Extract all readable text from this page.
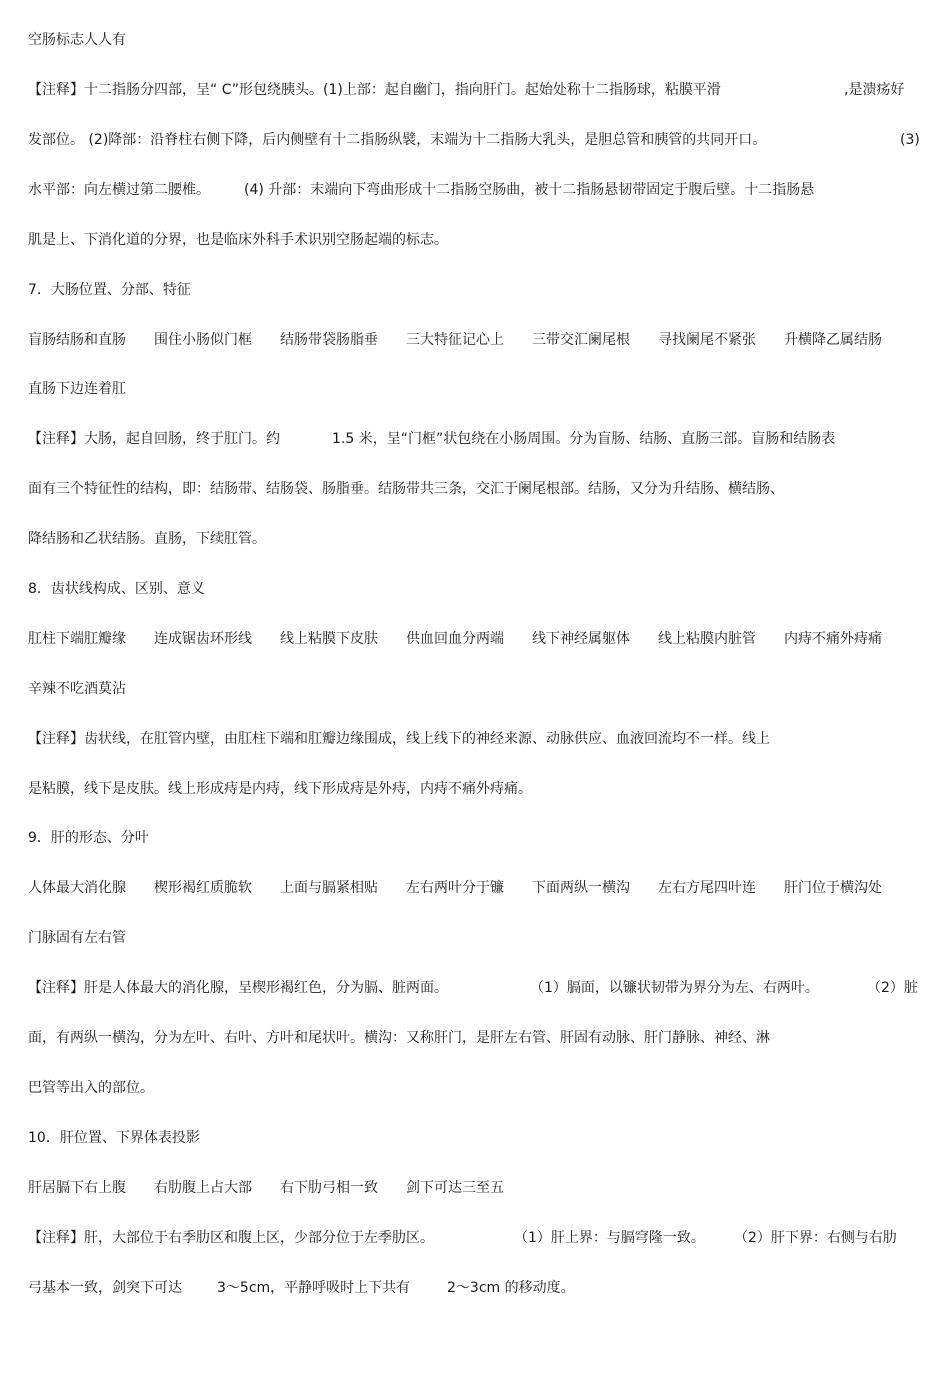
空肠标志人人有

【注释】十二指肠分四部，呈“ C”形包绕胰头。(1)上部：起自幽门，指向肝门。起始处称十二指肠球，粘膜平滑

	,是溃疡好

发部位。 (2)降部：沿脊柱右侧下降，后内侧壁有十二指肠纵襞，末端为十二指肠大乳头，是胆总管和胰管的共同开口。

	(3)

水平部：向左横过第二腰椎。

(4) 升部：末端向下弯曲形成十二指肠空肠曲，被十二指肠悬韧带固定于腹后壁。十二指肠悬

肌是上、下消化道的分界，也是临床外科手术识别空肠起端的标志。

7．大肠位置、分部、特征

盲肠结肠和直肠

围住小肠似门框

结肠带袋肠脂垂

三大特征记心上

三带交汇阑尾根

寻找阑尾不紧张

升横降乙属结肠

直肠下边连着肛

【注释】大肠，起自回肠，终于肛门。约

	1.5 米，呈“门框”状包绕在小肠周围。分为盲肠、结肠、直肠三部。盲肠和结肠表

面有三个特征性的结构，即：结肠带、结肠袋、肠脂垂。结肠带共三条，交汇于阑尾根部。结肠，又分为升结肠、横结肠、

降结肠和乙状结肠。直肠，下续肛管。

8．齿状线构成、区别、意义

肛柱下端肛瓣缘

连成锯齿环形线

线上粘膜下皮肤

供血回血分两端

线下神经属躯体

线上粘膜内脏管

内痔不痛外痔痛

辛辣不吃酒莫沾

【注释】齿状线，在肛管内壁，由肛柱下端和肛瓣边缘围成，线上线下的神经来源、动脉供应、血液回流均不一样。线上

是粘膜，线下是皮肤。线上形成痔是内痔，线下形成痔是外痔，内痔不痛外痔痛。

9．肝的形态、分叶

人体最大消化腺

楔形褐红质脆软

上面与膈紧相贴

左右两叶分于镰

下面两纵一横沟

左右方尾四叶连

肝门位于横沟处

门脉固有左右管

【注释】肝是人体最大的消化腺，呈楔形褐红色，分为膈、脏两面。

	（1）膈面，以镰状韧带为界分为左、右两叶。

	（2）脏

面，有两纵一横沟，分为左叶、右叶、方叶和尾状叶。横沟：又称肝门，是肝左右管、肝固有动脉、肝门静脉、神经、淋

巴管等出入的部位。

10．肝位置、下界体表投影

肝居膈下右上腹

右肋腹上占大部

右下肋弓相一致

剑下可达三至五

【注释】肝，大部位于右季肋区和腹上区，少部分位于左季肋区。

	（1）肝上界：与膈穹隆一致。

（2）肝下界：右侧与右肋

弓基本一致，剑突下可达

	3～5cm，平静呼吸时上下共有

	2～3cm 的移动度。
